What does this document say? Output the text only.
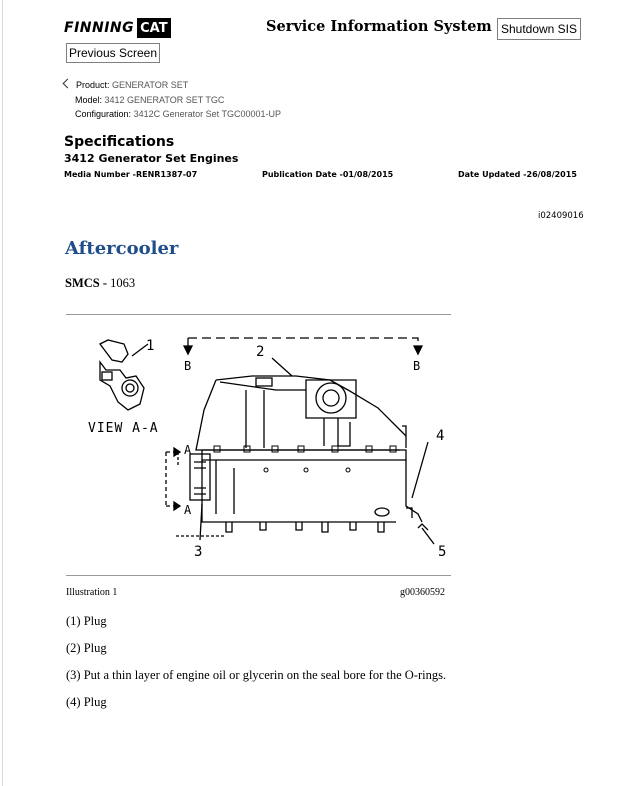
FINNING CAT	Service Information System Shutdown SIS
Previous Screen
Product: GENERATOR SET
Model: 3412 GENERATOR SET TGC
Configuration: 3412C Generator Set TGC00001-UP
Specifications
3412 Generator Set Engines
Media Number -RENR1387-07	Publication Date -01/08/2015	Date Updated -26/08/2015
i02409016
Aftercooler
SMCS - 1063
1	2
3
4
5
B	B
A
A
VIEW A-A
Illustration 1	g00360592
(1) Plug
(2) Plug
(3) Put a thin layer of engine oil or glycerin on the seal bore for the O-rings.
(4) Plug
